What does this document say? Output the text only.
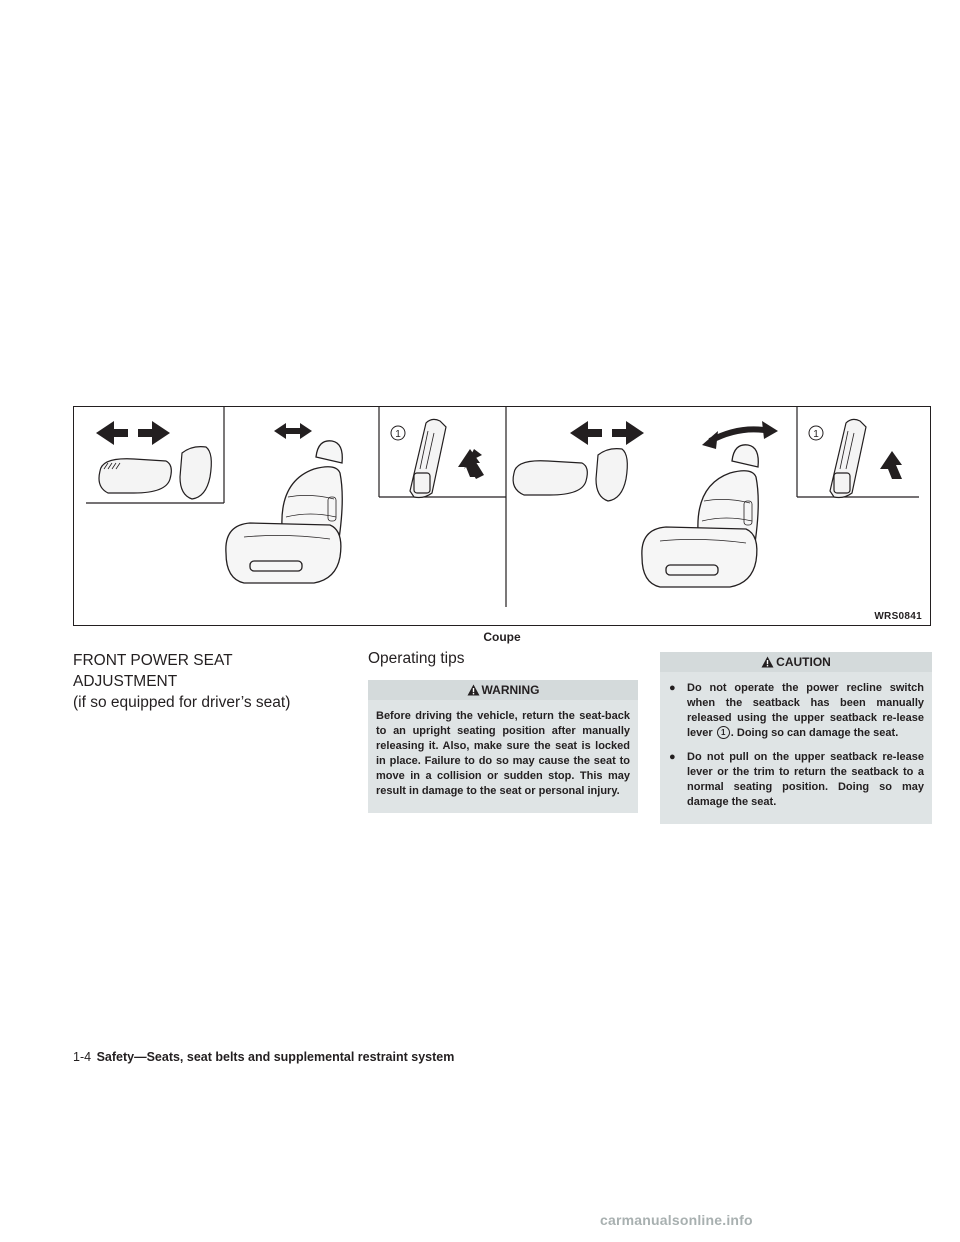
1	1
WRS0841
Coupe
FRONT POWER SEAT ADJUSTMENT
(if so equipped for driver’s seat)
Operating tips
WARNING
Before driving the vehicle, return the seat-back to an upright seating position after manually releasing it. Also, make sure the seat is locked in place. Failure to do so may cause the seat to move in a collision or sudden stop. This may result in damage to the seat or personal injury.
CAUTION
● Do not operate the power recline switch when the seatback has been manually released using the upper seatback re-lease lever 1 . Doing so can damage the seat.
● Do not pull on the upper seatback re-lease lever or the trim to return the seatback to a normal seating position. Doing so may damage the seat.
1-4 Safety—Seats, seat belts and supplemental restraint system
carmanualsonline.info
